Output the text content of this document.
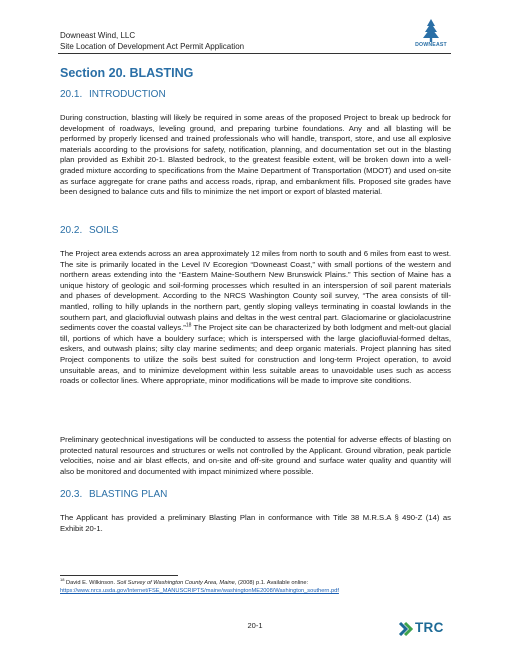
Downeast Wind, LLC
Site Location of Development Act Permit Application	DOWNEAST
Section 20. BLASTING
20.1. INTRODUCTION

During construction, blasting will likely be required in some areas of the proposed Project to break up bedrock for development of roadways, leveling ground, and preparing turbine foundations. Any and all blasting will be performed by properly licensed and trained professionals who will handle, transport, store, and use all explosive materials according to the provisions for safety, notification, planning, and documentation set out in the blasting plan provided as Exhibit 20-1. Blasted bedrock, to the greatest feasible extent, will be broken down into a well-graded mixture according to specifications from the Maine Department of Transportation (MDOT) and used on-site as surface aggregate for crane paths and access roads, riprap, and embankment fills. Proposed site grades have been designed to balance cuts and fills to minimize the net import or export of blasted material.

20.2. SOILS

The Project area extends across an area approximately 12 miles from north to south and 6 miles from east to west. The site is primarily located in the Level IV Ecoregion “Downeast Coast,” with small portions of the western and northern areas extending into the “Eastern Maine-Southern New Brunswick Plains.” This section of Maine has a unique history of geologic and soil-forming processes which resulted in an interspersion of soil parent materials and phases of development. According to the NRCS Washington County soil survey, “The area consists of till-mantled, rolling to hilly uplands in the northern part, gently sloping valleys terminating in coastal lowlands in the southern part, and glaciofluvial outwash plains and deltas in the west central part. Glaciomarine or glaciolacustrine sediments cover the coastal valleys.”$^{18}$ The Project site can be characterized by both lodgment and melt-out glacial till, portions of which have a bouldery surface; which is interspersed with the large glaciofluvial-formed deltas, eskers, and outwash plains; silty clay marine sediments; and deep organic materials. Project planning has sited Project components to utilize the soils best suited for construction and long-term Project operation, to avoid unsuitable areas, and to minimize development within less suitable areas to unavoidable uses such as access roads or collector lines. Where appropriate, minor modifications will be made to improve site conditions.

Preliminary geotechnical investigations will be conducted to assess the potential for adverse effects of blasting on protected natural resources and structures or wells not controlled by the Applicant. Ground vibration, peak particle velocities, noise and air blast effects, and on-site and off-site ground and surface water quality and quantity will also be monitored and documented with impact minimized where possible.

20.3. BLASTING PLAN

The Applicant has provided a preliminary Blasting Plan in conformance with Title 38 M.R.S.A § 490-Z (14) as Exhibit 20-1.

$^{18}$ David E. Wilkinson. Soil Survey of Washington County Area, Maine, (2008) p.1. Available online:
https://www.nrcs.usda.gov/Internet/FSE_MANUSCRIPTS/maine/washingtonME2008/Washington_southern.pdf
20-1	TRC
